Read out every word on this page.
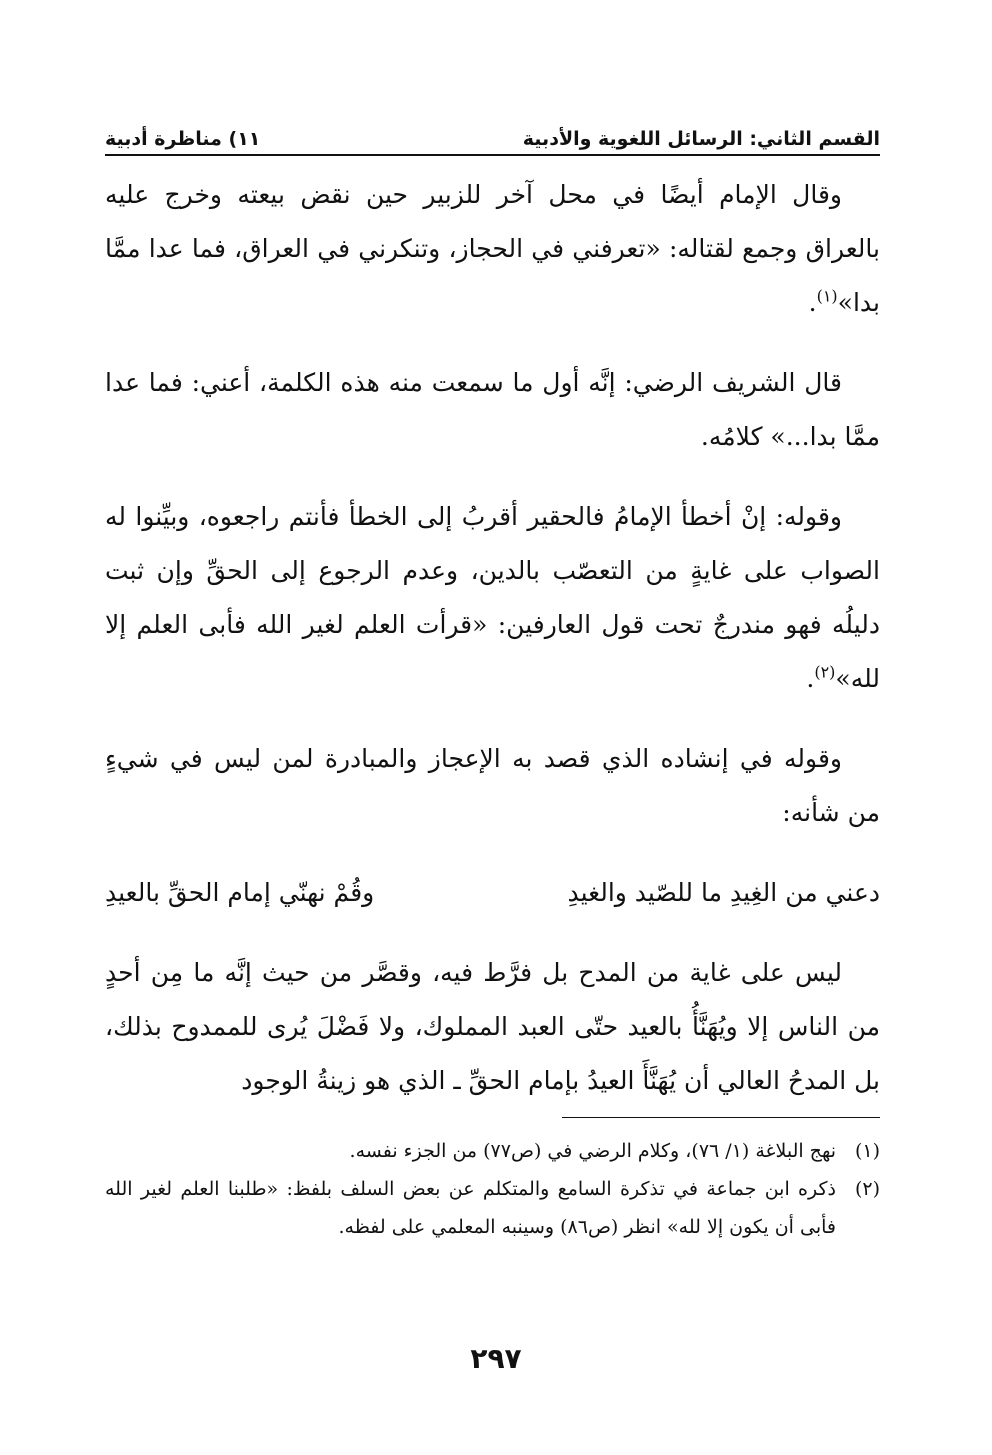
١١) مناظرة أدبية	القسم الثاني: الرسائل اللغوية والأدبية

وقال الإمام أيضًا في محل آخر للزبير حين نقض بيعته وخرج عليه بالعراق وجمع لقتاله: «تعرفني في الحجاز، وتنكرني في العراق، فما عدا ممَّا بدا»$^{(١)}$.

قال الشريف الرضي: إنَّه أول ما سمعت منه هذه الكلمة، أعني: فما عدا ممَّا بدا...» كلامُه.

وقوله: إنْ أخطأ الإمامُ فالحقير أقربُ إلى الخطأ فأنتم راجعوه، وبيِّنوا له الصواب على غايةٍ من التعصّب بالدين، وعدم الرجوع إلى الحقِّ وإن ثبت دليلُه فهو مندرجٌ تحت قول العارفين: «قرأت العلم لغير الله فأبى العلم إلا لله»$^{(٢)}$.

وقوله في إنشاده الذي قصد به الإعجاز والمبادرة لمن ليس في شيءٍ من شأنه:

دعني من الغِيدِ ما للصّيد والغيدِ
وقُمْ نهنّي إمام الحقِّ بالعيدِ

ليس على غاية من المدح بل فرَّط فيه، وقصَّر من حيث إنَّه ما مِن أحدٍ من الناس إلا ويُهَنَّأُ بالعيد حتّى العبد المملوك، ولا فَضْلَ يُرى للممدوح بذلك، بل المدحُ العالي أن يُهَنَّأَ العيدُ بإمام الحقِّ ـ الذي هو زينةُ الوجود

(١)
نهج البلاغة (١/ ٧٦)، وكلام الرضي في (ص٧٧) من الجزء نفسه.
(٢)
ذكره ابن جماعة في تذكرة السامع والمتكلم عن بعض السلف بلفظ: «طلبنا العلم لغير الله فأبى أن يكون إلا لله» انظر (ص٨٦) وسينبه المعلمي على لفظه.
٢٩٧
